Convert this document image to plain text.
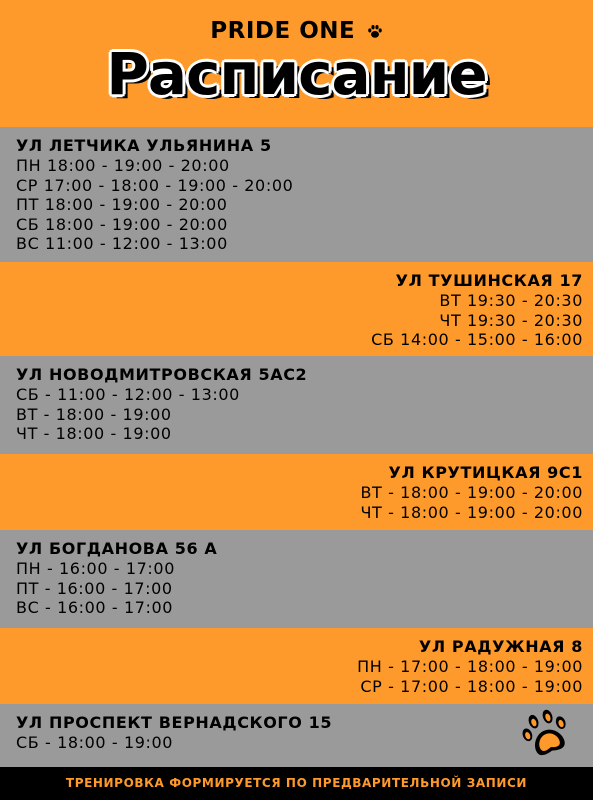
PRIDE ONE
Расписание
УЛ ЛЕТЧИКА УЛЬЯНИНА 5
ПН 18:00 - 19:00 - 20:00
СР 17:00 - 18:00 - 19:00 - 20:00
ПТ 18:00 - 19:00 - 20:00
СБ 18:00 - 19:00 - 20:00
ВС 11:00 - 12:00 - 13:00
УЛ ТУШИНСКАЯ 17
ВТ 19:30 - 20:30
ЧТ 19:30 - 20:30
СБ 14:00 - 15:00 - 16:00
УЛ НОВОДМИТРОВСКАЯ 5АС2
СБ - 11:00 - 12:00 - 13:00
ВТ - 18:00 - 19:00
ЧТ - 18:00 - 19:00
УЛ КРУТИЦКАЯ 9С1
ВТ - 18:00 - 19:00 - 20:00
ЧТ - 18:00 - 19:00 - 20:00
УЛ БОГДАНОВА 56 А
ПН - 16:00 - 17:00
ПТ - 16:00 - 17:00
ВС - 16:00 - 17:00
УЛ РАДУЖНАЯ 8
ПН - 17:00 - 18:00 - 19:00
СР - 17:00 - 18:00 - 19:00
УЛ ПРОСПЕКТ ВЕРНАДСКОГО 15
СБ - 18:00 - 19:00
ТРЕНИРОВКА ФОРМИРУЕТСЯ ПО ПРЕДВАРИТЕЛЬНОЙ ЗАПИСИ
